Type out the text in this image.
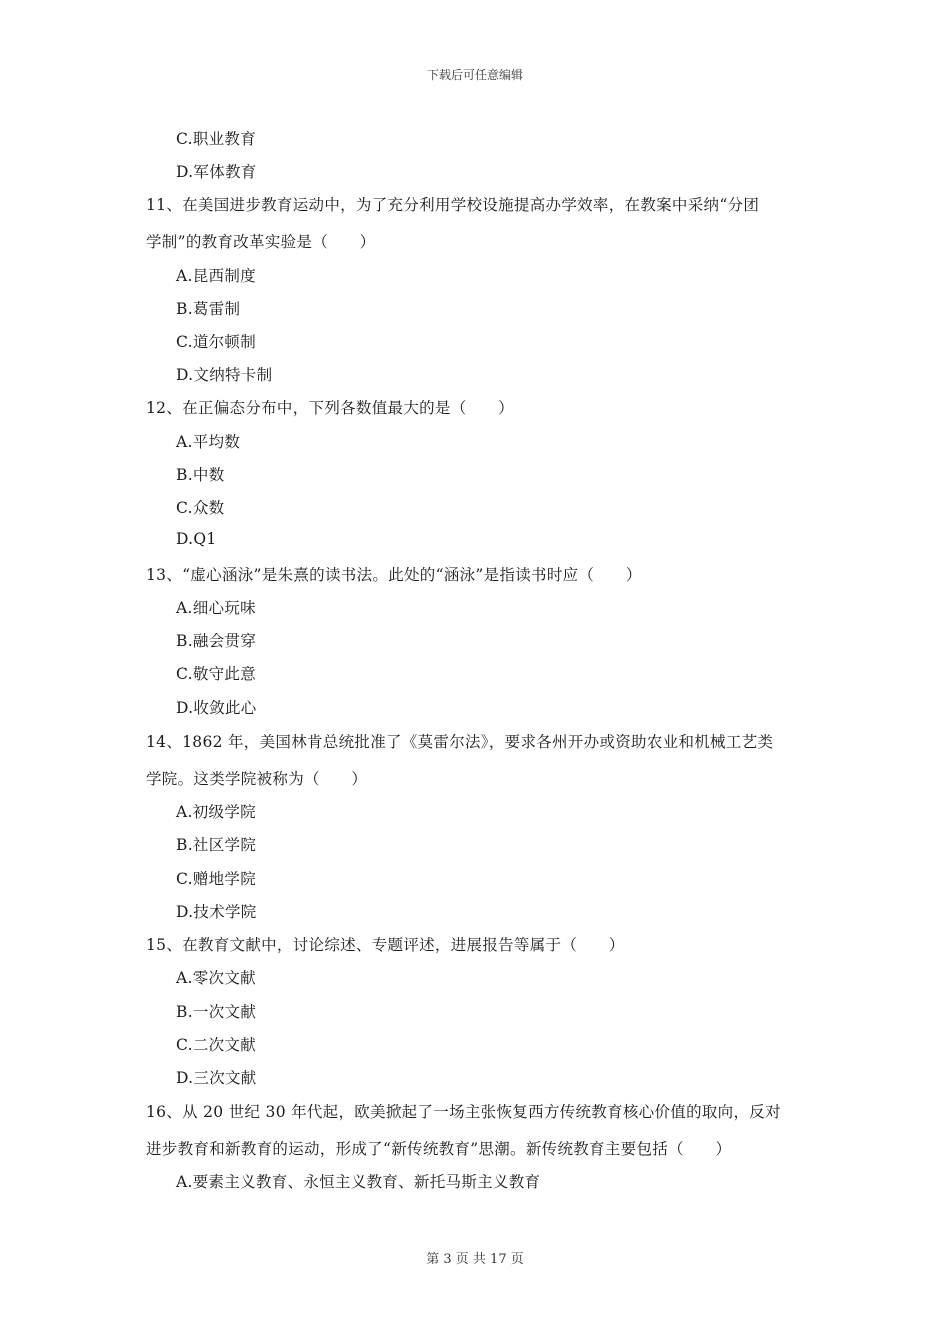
下载后可任意编辑
C.职业教育
D.军体教育
11、在美国进步教育运动中，为了充分利用学校设施提高办学效率，在教案中采纳“分团
学制”的教育改革实验是（　　）
A.昆西制度
B.葛雷制
C.道尔顿制
D.文纳特卡制
12、在正偏态分布中，下列各数值最大的是（　　）
A.平均数
B.中数
C.众数
D.Q1
13、“虚心涵泳”是朱熹的读书法。此处的“涵泳”是指读书时应（　　）
A.细心玩味
B.融会贯穿
C.敬守此意
D.收敛此心
14、1862 年，美国林肯总统批准了《莫雷尔法》，要求各州开办或资助农业和机械工艺类
学院。这类学院被称为（　　）
A.初级学院
B.社区学院
C.赠地学院
D.技术学院
15、在教育文献中，讨论综述、专题评述，进展报告等属于（　　）
A.零次文献
B.一次文献
C.二次文献
D.三次文献
16、从 20 世纪 30 年代起，欧美掀起了一场主张恢复西方传统教育核心价值的取向，反对
进步教育和新教育的运动，形成了“新传统教育”思潮。新传统教育主要包括（　　）
A.要素主义教育、永恒主义教育、新托马斯主义教育
第 3 页 共 17 页
